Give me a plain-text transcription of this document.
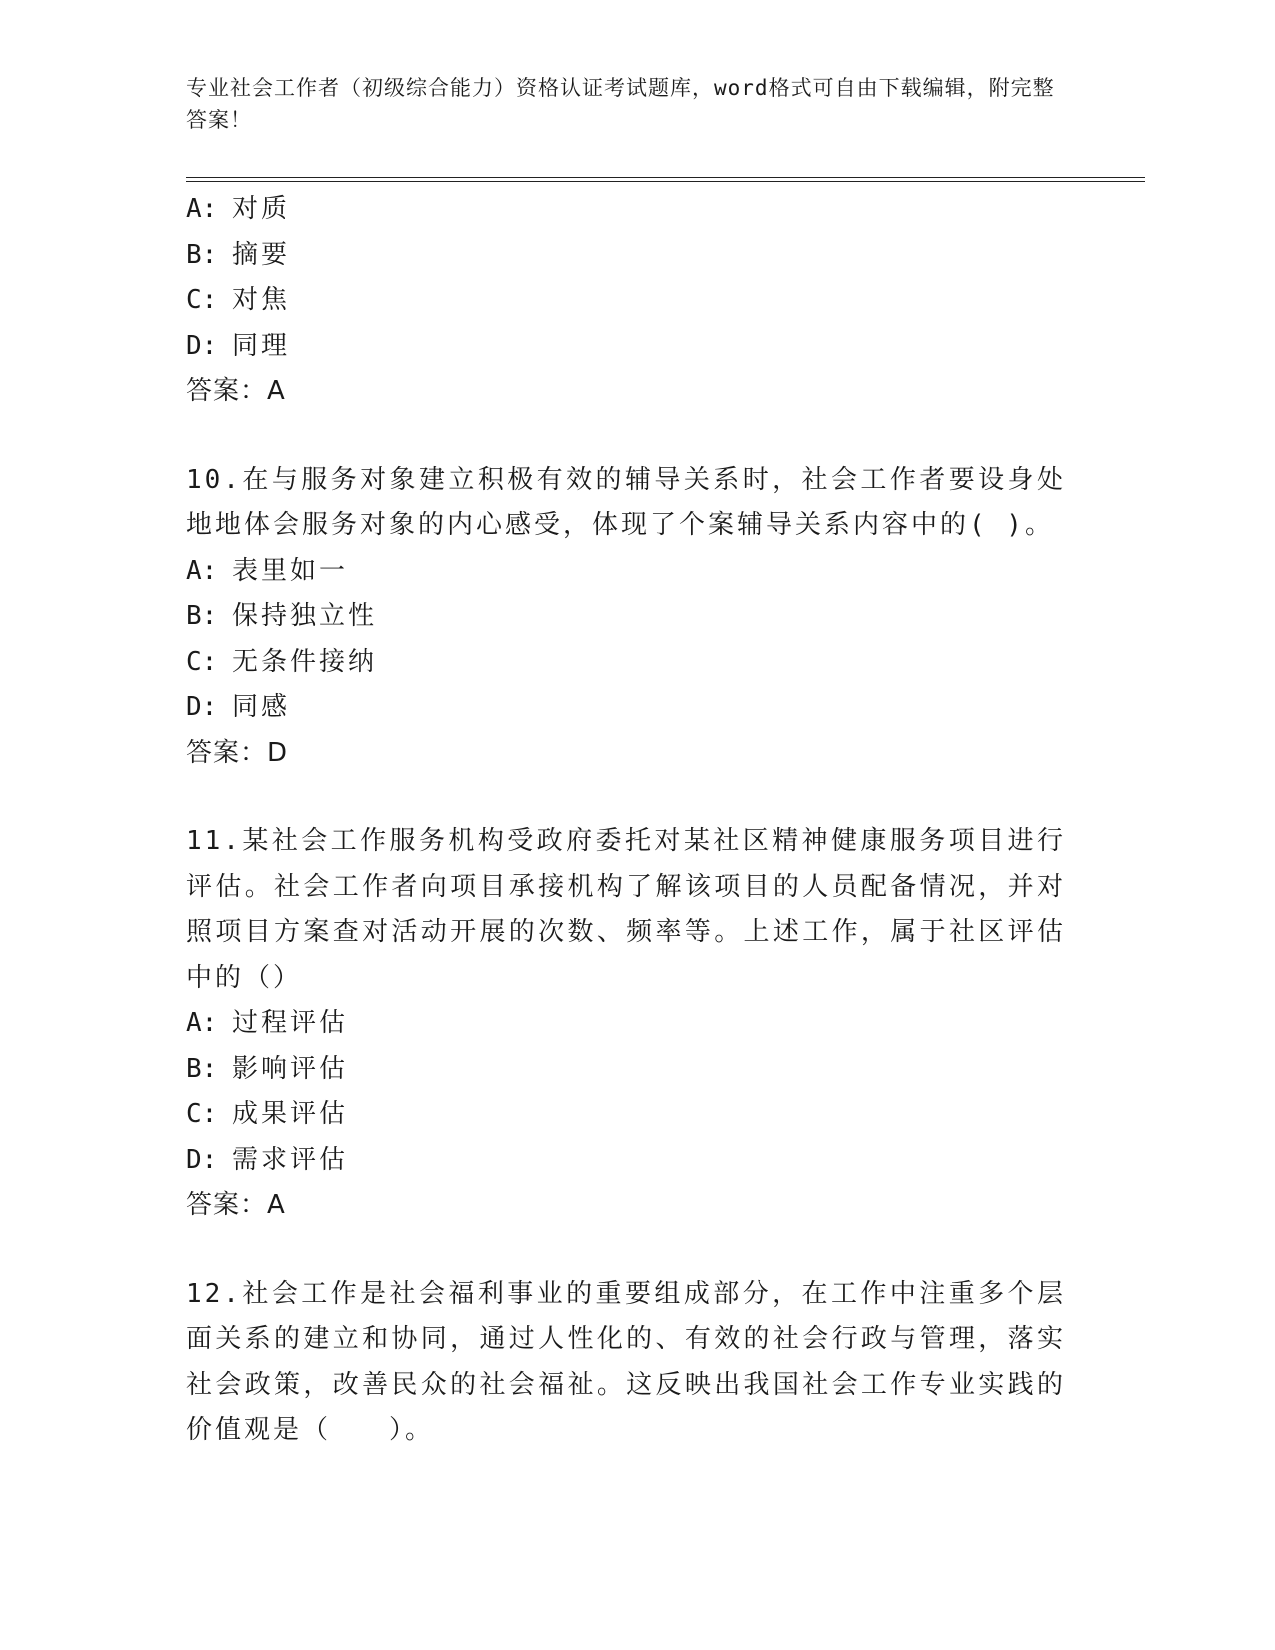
专业社会工作者（初级综合能力）资格认证考试题库，word格式可自由下载编辑，附完整答案！
A: 对质
B: 摘要
C: 对焦
D: 同理
答案：A
10.在与服务对象建立积极有效的辅导关系时，社会工作者要设身处地地体会服务对象的内心感受，体现了个案辅导关系内容中的( )。
A: 表里如一
B: 保持独立性
C: 无条件接纳
D: 同感
答案：D
11.某社会工作服务机构受政府委托对某社区精神健康服务项目进行评估。社会工作者向项目承接机构了解该项目的人员配备情况，并对照项目方案查对活动开展的次数、频率等。上述工作，属于社区评估中的（）
A: 过程评估
B: 影响评估
C: 成果评估
D: 需求评估
答案：A
12.社会工作是社会福利事业的重要组成部分，在工作中注重多个层面关系的建立和协同，通过人性化的、有效的社会行政与管理，落实社会政策，改善民众的社会福祉。这反映出我国社会工作专业实践的价值观是（　　）。
